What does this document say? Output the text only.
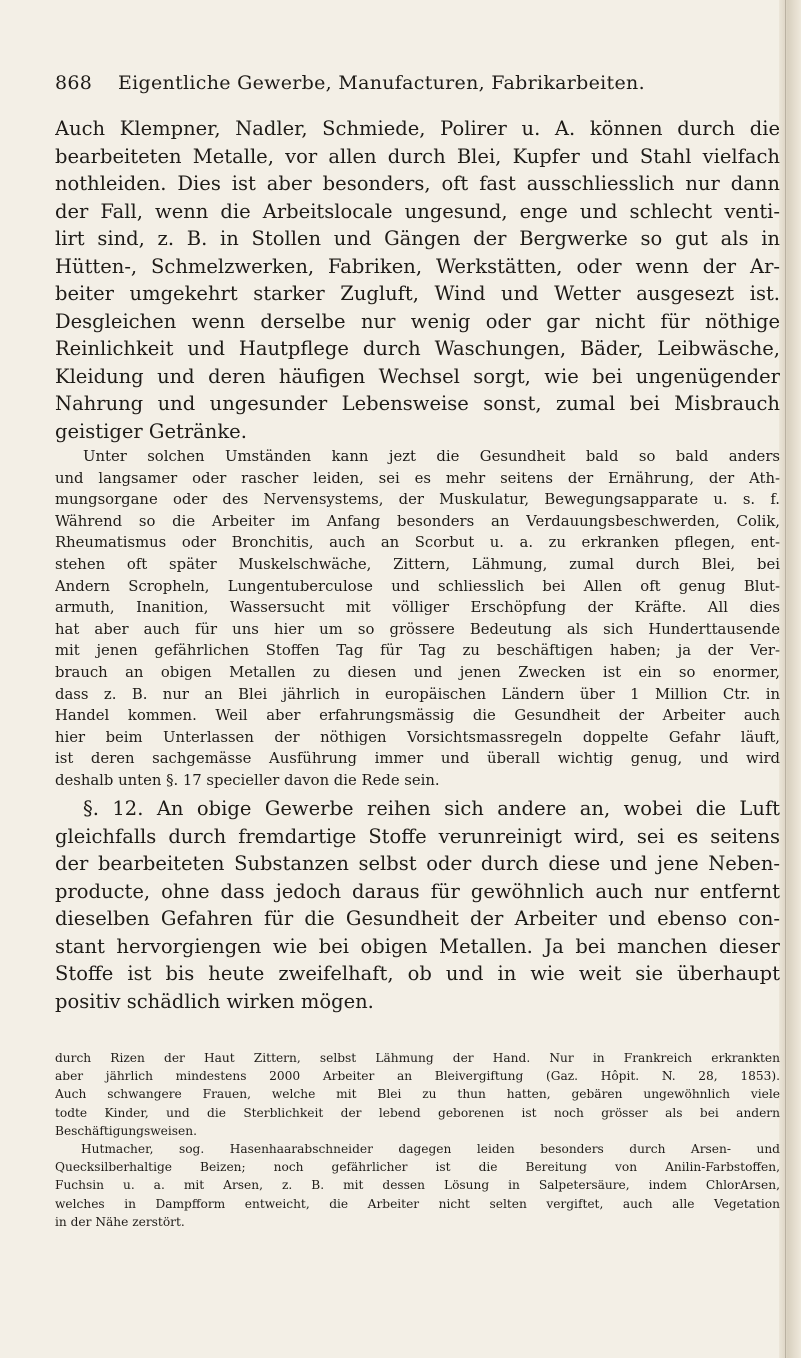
868 Eigentliche Gewerbe, Manufacturen, Fabrikarbeiten.
Auch Klempner, Nadler, Schmiede, Polirer u. A. können durch die
bearbeiteten Metalle, vor allen durch Blei, Kupfer und Stahl vielfach
nothleiden. Dies ist aber besonders, oft fast ausschliesslich nur dann
der Fall, wenn die Arbeitslocale ungesund, enge und schlecht venti-
lirt sind, z. B. in Stollen und Gängen der Bergwerke so gut als in
Hütten-, Schmelzwerken, Fabriken, Werkstätten, oder wenn der Ar-
beiter umgekehrt starker Zugluft, Wind und Wetter ausgesezt ist.
Desgleichen wenn derselbe nur wenig oder gar nicht für nöthige
Reinlichkeit und Hautpflege durch Waschungen, Bäder, Leibwäsche,
Kleidung und deren häufigen Wechsel sorgt, wie bei ungenügender
Nahrung und ungesunder Lebensweise sonst, zumal bei Misbrauch
geistiger Getränke.
Unter solchen Umständen kann jezt die Gesundheit bald so bald anders
und langsamer oder rascher leiden, sei es mehr seitens der Ernährung, der Ath-
mungsorgane oder des Nervensystems, der Muskulatur, Bewegungsapparate u. s. f.
Während so die Arbeiter im Anfang besonders an Verdauungsbeschwerden, Colik,
Rheumatismus oder Bronchitis, auch an Scorbut u. a. zu erkranken pflegen, ent-
stehen oft später Muskelschwäche, Zittern, Lähmung, zumal durch Blei, bei
Andern Scropheln, Lungentuberculose und schliesslich bei Allen oft genug Blut-
armuth, Inanition, Wassersucht mit völliger Erschöpfung der Kräfte. All dies
hat aber auch für uns hier um so grössere Bedeutung als sich Hunderttausende
mit jenen gefährlichen Stoffen Tag für Tag zu beschäftigen haben; ja der Ver-
brauch an obigen Metallen zu diesen und jenen Zwecken ist ein so enormer,
dass z. B. nur an Blei jährlich in europäischen Ländern über 1 Million Ctr. in
Handel kommen. Weil aber erfahrungsmässig die Gesundheit der Arbeiter auch
hier beim Unterlassen der nöthigen Vorsichtsmassregeln doppelte Gefahr läuft,
ist deren sachgemässe Ausführung immer und überall wichtig genug, und wird
deshalb unten §. 17 specieller davon die Rede sein.
§. 12. An obige Gewerbe reihen sich andere an, wobei die Luft
gleichfalls durch fremdartige Stoffe verunreinigt wird, sei es seitens
der bearbeiteten Substanzen selbst oder durch diese und jene Neben-
producte, ohne dass jedoch daraus für gewöhnlich auch nur entfernt
dieselben Gefahren für die Gesundheit der Arbeiter und ebenso con-
stant hervorgiengen wie bei obigen Metallen. Ja bei manchen dieser
Stoffe ist bis heute zweifelhaft, ob und in wie weit sie überhaupt
positiv schädlich wirken mögen.
durch Rizen der Haut Zittern, selbst Lähmung der Hand. Nur in Frankreich erkrankten
aber jährlich mindestens 2000 Arbeiter an Bleivergiftung (Gaz. Hôpit. N. 28, 1853).
Auch schwangere Frauen, welche mit Blei zu thun hatten, gebären ungewöhnlich viele
todte Kinder, und die Sterblichkeit der lebend geborenen ist noch grösser als bei andern
Beschäftigungsweisen.
Hutmacher, sog. Hasenhaarabschneider dagegen leiden besonders durch Arsen- und
Quecksilberhaltige Beizen; noch gefährlicher ist die Bereitung von Anilin-Farbstoffen,
Fuchsin u. a. mit Arsen, z. B. mit dessen Lösung in Salpetersäure, indem ChlorArsen,
welches in Dampfform entweicht, die Arbeiter nicht selten vergiftet, auch alle Vegetation
in der Nähe zerstört.
